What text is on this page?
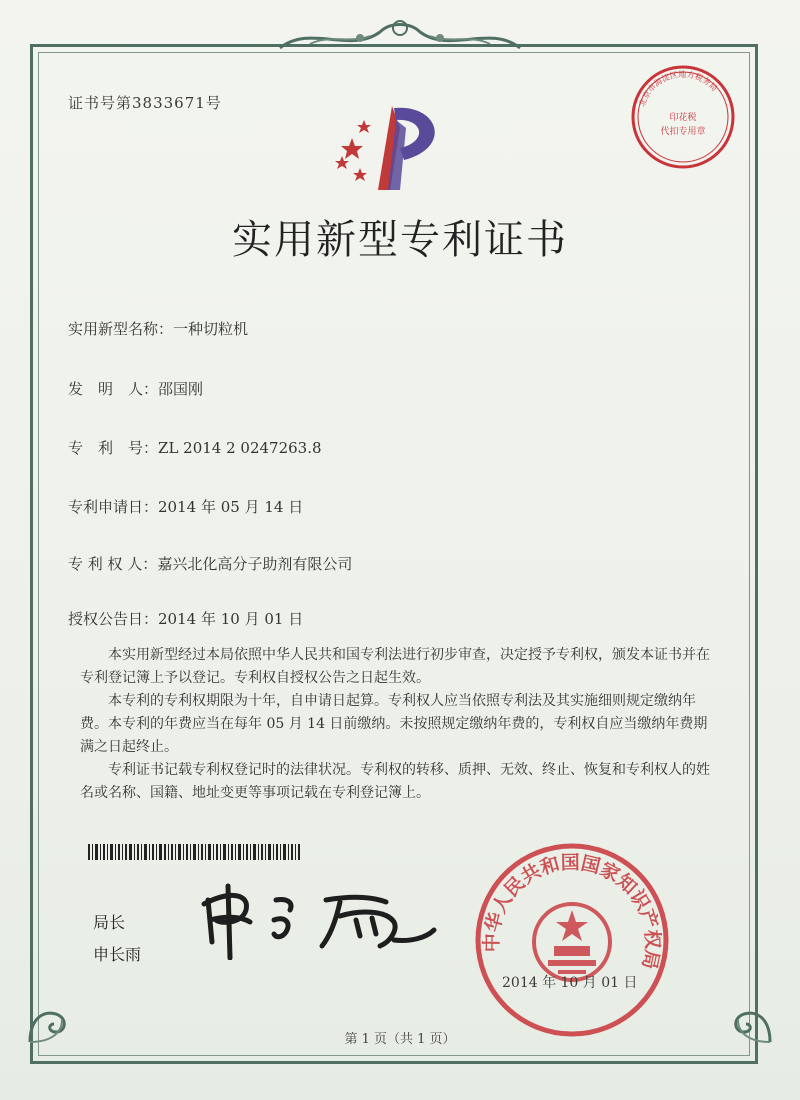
证书号第3833671号	北京市海淀区地方税务局
印花税
代扣专用章
实用新型专利证书
实用新型名称：一种切粒机
发　明　人：邵国刚
专　利　号：ZL 2014 2 0247263.8
专利申请日：2014 年 05 月 14 日
专 利 权 人：嘉兴北化高分子助剂有限公司
授权公告日：2014 年 10 月 01 日

本实用新型经过本局依照中华人民共和国专利法进行初步审查，决定授予专利权，颁发本证书并在专利登记簿上予以登记。专利权自授权公告之日起生效。

本专利的专利权期限为十年，自申请日起算。专利权人应当依照专利法及其实施细则规定缴纳年费。本专利的年费应当在每年 05 月 14 日前缴纳。未按照规定缴纳年费的，专利权自应当缴纳年费期满之日起终止。

专利证书记载专利权登记时的法律状况。专利权的转移、质押、无效、终止、恢复和专利权人的姓名或名称、国籍、地址变更等事项记载在专利登记簿上。

局长
申长雨
中华人民共和国国家知识产权局
2014 年 10 月 01 日
第 1 页（共 1 页）
